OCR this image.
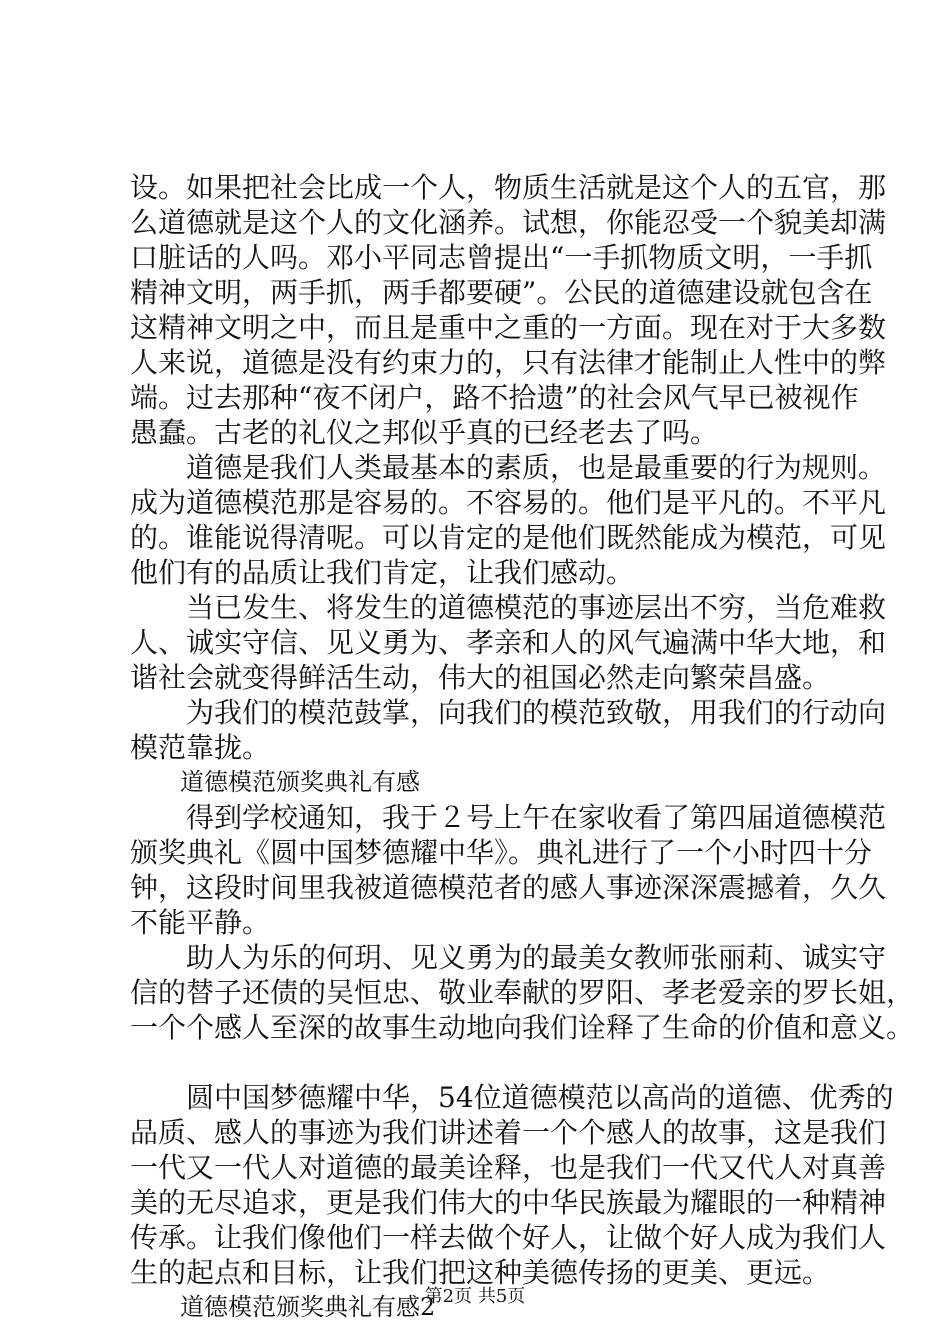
设。如果把社会比成一个人，物质生活就是这个人的五官，那
么道德就是这个人的文化涵养。试想，你能忍受一个貌美却满
口脏话的人吗。邓小平同志曾提出“一手抓物质文明，一手抓
精神文明，两手抓，两手都要硬”。公民的道德建设就包含在
这精神文明之中，而且是重中之重的一方面。现在对于大多数
人来说，道德是没有约束力的，只有法律才能制止人性中的弊
端。过去那种“夜不闭户，路不拾遗”的社会风气早已被视作
愚蠢。古老的礼仪之邦似乎真的已经老去了吗。
道德是我们人类最基本的素质，也是最重要的行为规则。
成为道德模范那是容易的。不容易的。他们是平凡的。不平凡
的。谁能说得清呢。可以肯定的是他们既然能成为模范，可见
他们有的品质让我们肯定，让我们感动。
当已发生、将发生的道德模范的事迹层出不穷，当危难救
人、诚实守信、见义勇为、孝亲和人的风气遍满中华大地，和
谐社会就变得鲜活生动，伟大的祖国必然走向繁荣昌盛。
为我们的模范鼓掌，向我们的模范致敬，用我们的行动向
模范靠拢。
道德模范颁奖典礼有感
得到学校通知，我于２号上午在家收看了第四届道德模范
颁奖典礼《圆中国梦德耀中华》。典礼进行了一个小时四十分
钟，这段时间里我被道德模范者的感人事迹深深震撼着，久久
不能平静。
助人为乐的何玥、见义勇为的最美女教师张丽莉、诚实守
信的替子还债的吴恒忠、敬业奉献的罗阳、孝老爱亲的罗长姐，
一个个感人至深的故事生动地向我们诠释了生命的价值和意义。
圆中国梦德耀中华，54位道德模范以高尚的道德、优秀的
品质、感人的事迹为我们讲述着一个个感人的故事，这是我们
一代又一代人对道德的最美诠释，也是我们一代又代人对真善
美的无尽追求，更是我们伟大的中华民族最为耀眼的一种精神
传承。让我们像他们一样去做个好人，让做个好人成为我们人
生的起点和目标，让我们把这种美德传扬的更美、更远。
道德模范颁奖典礼有感2
第2页 共5页
